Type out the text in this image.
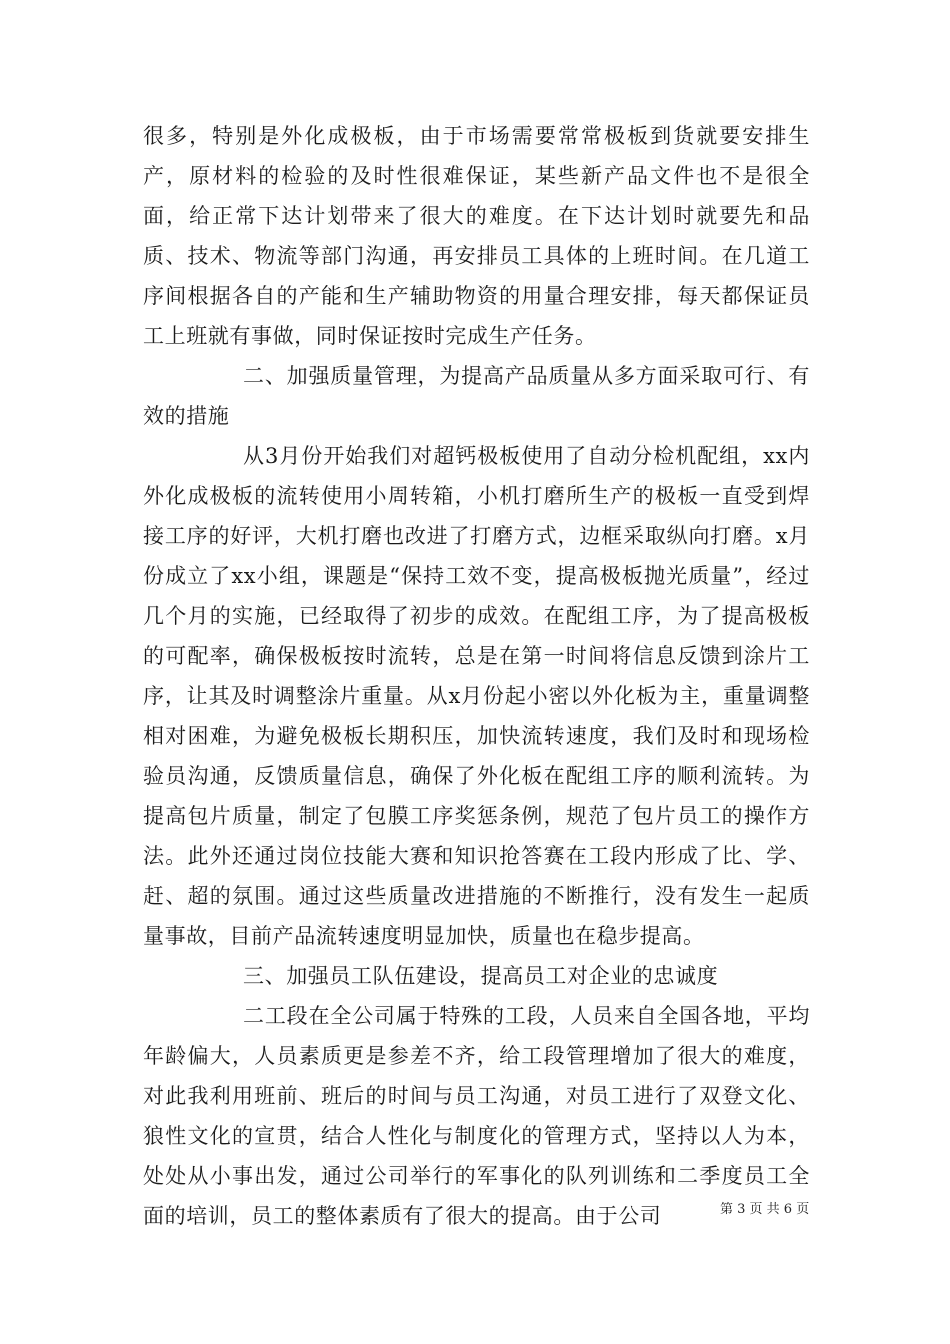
很多，特别是外化成极板，由于市场需要常常极板到货就要安排生产，原材料的检验的及时性很难保证，某些新产品文件也不是很全面，给正常下达计划带来了很大的难度。在下达计划时就要先和品质、技术、物流等部门沟通，再安排员工具体的上班时间。在几道工序间根据各自的产能和生产辅助物资的用量合理安排，每天都保证员工上班就有事做，同时保证按时完成生产任务。

二、加强质量管理，为提高产品质量从多方面采取可行、有效的措施

从3月份开始我们对超钙极板使用了自动分检机配组，xx内外化成极板的流转使用小周转箱，小机打磨所生产的极板一直受到焊接工序的好评，大机打磨也改进了打磨方式，边框采取纵向打磨。x月份成立了xx小组，课题是“保持工效不变，提高极板抛光质量”，经过几个月的实施，已经取得了初步的成效。在配组工序，为了提高极板的可配率，确保极板按时流转，总是在第一时间将信息反馈到涂片工序，让其及时调整涂片重量。从x月份起小密以外化板为主，重量调整相对困难，为避免极板长期积压，加快流转速度，我们及时和现场检验员沟通，反馈质量信息，确保了外化板在配组工序的顺利流转。为提高包片质量，制定了包膜工序奖惩条例，规范了包片员工的操作方法。此外还通过岗位技能大赛和知识抢答赛在工段内形成了比、学、赶、超的氛围。通过这些质量改进措施的不断推行，没有发生一起质量事故，目前产品流转速度明显加快，质量也在稳步提高。

三、加强员工队伍建设，提高员工对企业的忠诚度

二工段在全公司属于特殊的工段，人员来自全国各地，平均年龄偏大，人员素质更是参差不齐，给工段管理增加了很大的难度，对此我利用班前、班后的时间与员工沟通，对员工进行了双登文化、狼性文化的宣贯，结合人性化与制度化的管理方式，坚持以人为本，处处从小事出发，通过公司举行的军事化的队列训练和二季度员工全面的培训，员工的整体素质有了很大的提高。由于公司	第 3 页 共 6 页
